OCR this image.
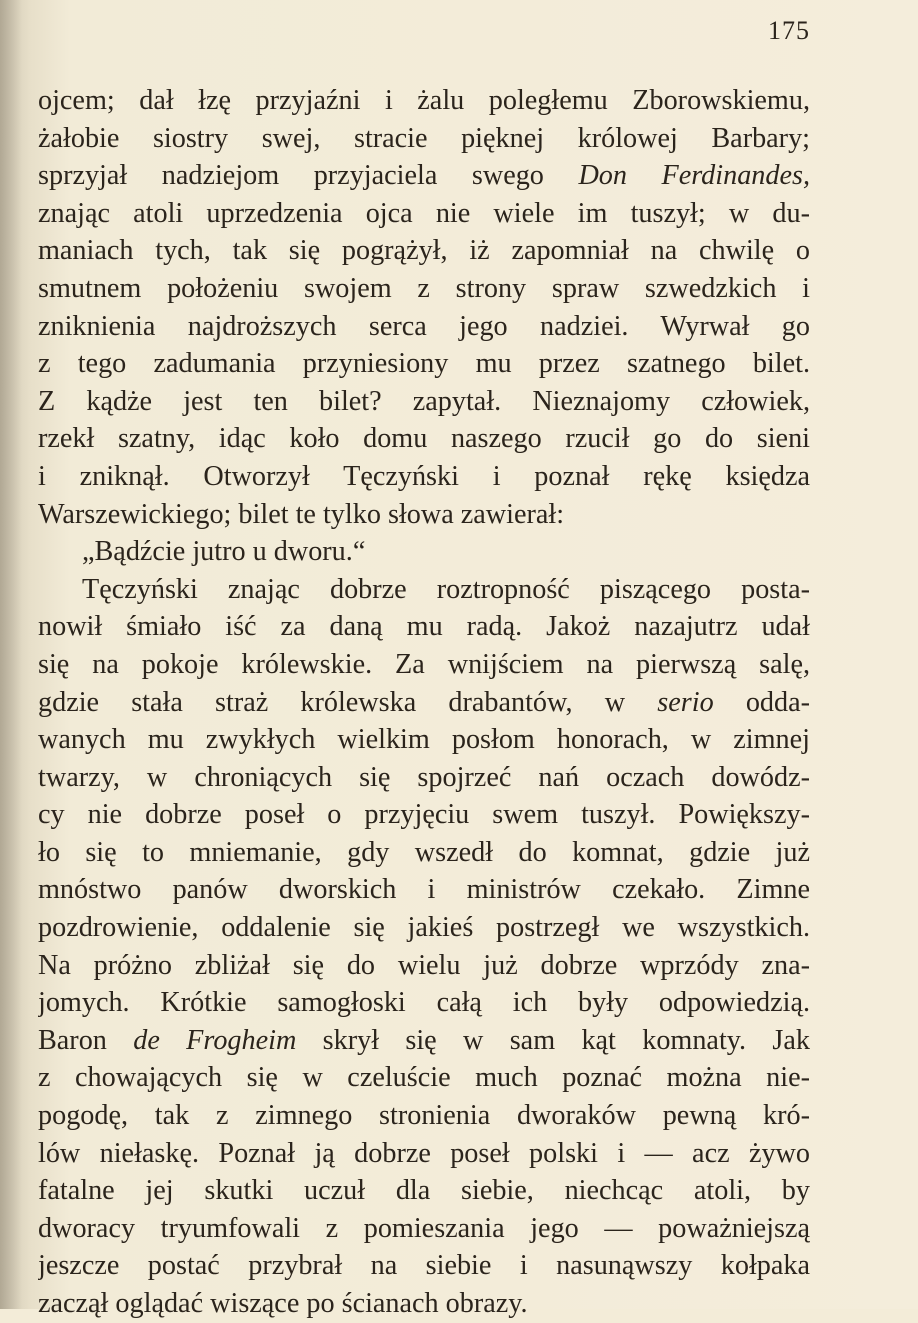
175
ojcem; dał łzę przyjaźni i żalu poległemu Zborowskiemu,
żałobie siostry swej, stracie pięknej królowej Barbary;
sprzyjał nadziejom przyjaciela swego Don Ferdinandes,
znając atoli uprzedzenia ojca nie wiele im tuszył; w du-
maniach tych, tak się pogrążył, iż zapomniał na chwilę o
smutnem położeniu swojem z strony spraw szwedzkich i
zniknienia najdroższych serca jego nadziei. Wyrwał go
z tego zadumania przyniesiony mu przez szatnego bilet.
Z kądże jest ten bilet? zapytał. Nieznajomy człowiek,
rzekł szatny, idąc koło domu naszego rzucił go do sieni
i zniknął. Otworzył Tęczyński i poznał rękę księdza
Warszewickiego; bilet te tylko słowa zawierał:
„Bądźcie jutro u dworu.“
Tęczyński znając dobrze roztropność piszącego posta-
nowił śmiało iść za daną mu radą. Jakoż nazajutrz udał
się na pokoje królewskie. Za wnijściem na pierwszą salę,
gdzie stała straż królewska drabantów, w serio odda-
wanych mu zwykłych wielkim posłom honorach, w zimnej
twarzy, w chroniących się spojrzeć nań oczach dowódz-
cy nie dobrze poseł o przyjęciu swem tuszył. Powiększy-
ło się to mniemanie, gdy wszedł do komnat, gdzie już
mnóstwo panów dworskich i ministrów czekało. Zimne
pozdrowienie, oddalenie się jakieś postrzegł we wszystkich.
Na próżno zbliżał się do wielu już dobrze wprzódy zna-
jomych. Krótkie samogłoski całą ich były odpowiedzią.
Baron de Frogheim skrył się w sam kąt komnaty. Jak
z chowających się w czeluście much poznać można nie-
pogodę, tak z zimnego stronienia dworaków pewną kró-
lów niełaskę. Poznał ją dobrze poseł polski i — acz żywo
fatalne jej skutki uczuł dla siebie, niechcąc atoli, by
dworacy tryumfowali z pomieszania jego — poważniejszą
jeszcze postać przybrał na siebie i nasunąwszy kołpaka
zaczął oglądać wiszące po ścianach obrazy.
